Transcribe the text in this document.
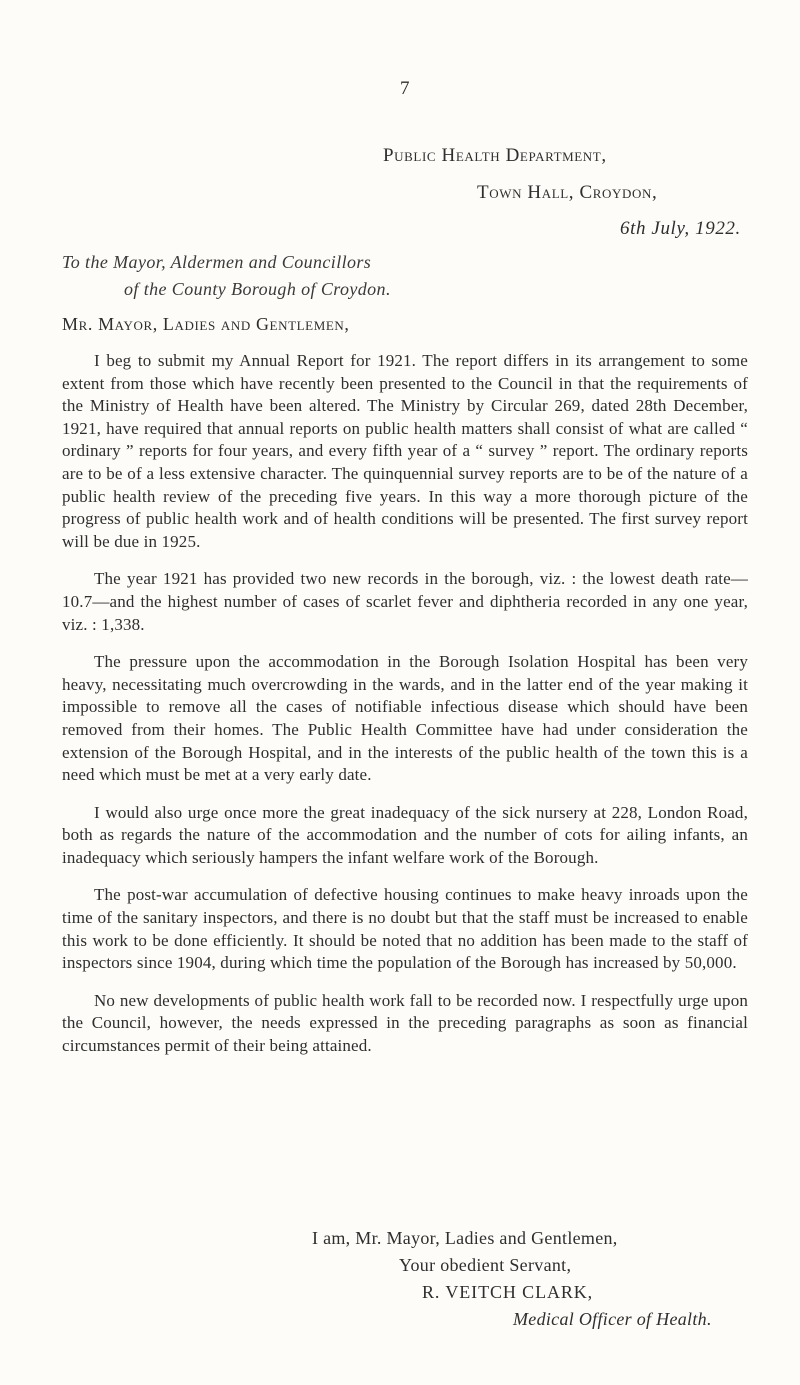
7
Public Health Department,
Town Hall, Croydon,
6th July, 1922.
To the Mayor, Aldermen and Councillors
of the County Borough of Croydon.
Mr. Mayor, Ladies and Gentlemen,

I beg to submit my Annual Report for 1921. The report differs in its arrangement to some extent from those which have recently been presented to the Council in that the requirements of the Ministry of Health have been altered. The Ministry by Circular 269, dated 28th December, 1921, have required that annual reports on public health matters shall consist of what are called “ ordinary ” reports for four years, and every fifth year of a “ survey ” report. The ordinary reports are to be of a less extensive character. The quinquennial survey reports are to be of the nature of a public health review of the preceding five years. In this way a more thorough picture of the progress of public health work and of health conditions will be presented. The first survey report will be due in 1925.

The year 1921 has provided two new records in the borough, viz. : the lowest death rate—10.7—and the highest number of cases of scarlet fever and diphtheria recorded in any one year, viz. : 1,338.

The pressure upon the accommodation in the Borough Isolation Hospital has been very heavy, necessitating much overcrowding in the wards, and in the latter end of the year making it impossible to remove all the cases of notifiable infectious disease which should have been removed from their homes. The Public Health Committee have had under consideration the extension of the Borough Hospital, and in the interests of the public health of the town this is a need which must be met at a very early date.

I would also urge once more the great inadequacy of the sick nursery at 228, London Road, both as regards the nature of the accommodation and the number of cots for ailing infants, an inadequacy which seriously hampers the infant welfare work of the Borough.

The post-war accumulation of defective housing continues to make heavy inroads upon the time of the sanitary inspectors, and there is no doubt but that the staff must be increased to enable this work to be done efficiently. It should be noted that no addition has been made to the staff of inspectors since 1904, during which time the population of the Borough has increased by 50,000.

No new developments of public health work fall to be recorded now. I respectfully urge upon the Council, however, the needs expressed in the preceding paragraphs as soon as financial circumstances permit of their being attained.

I am, Mr. Mayor, Ladies and Gentlemen,
Your obedient Servant,
R. VEITCH CLARK,
Medical Officer of Health.
